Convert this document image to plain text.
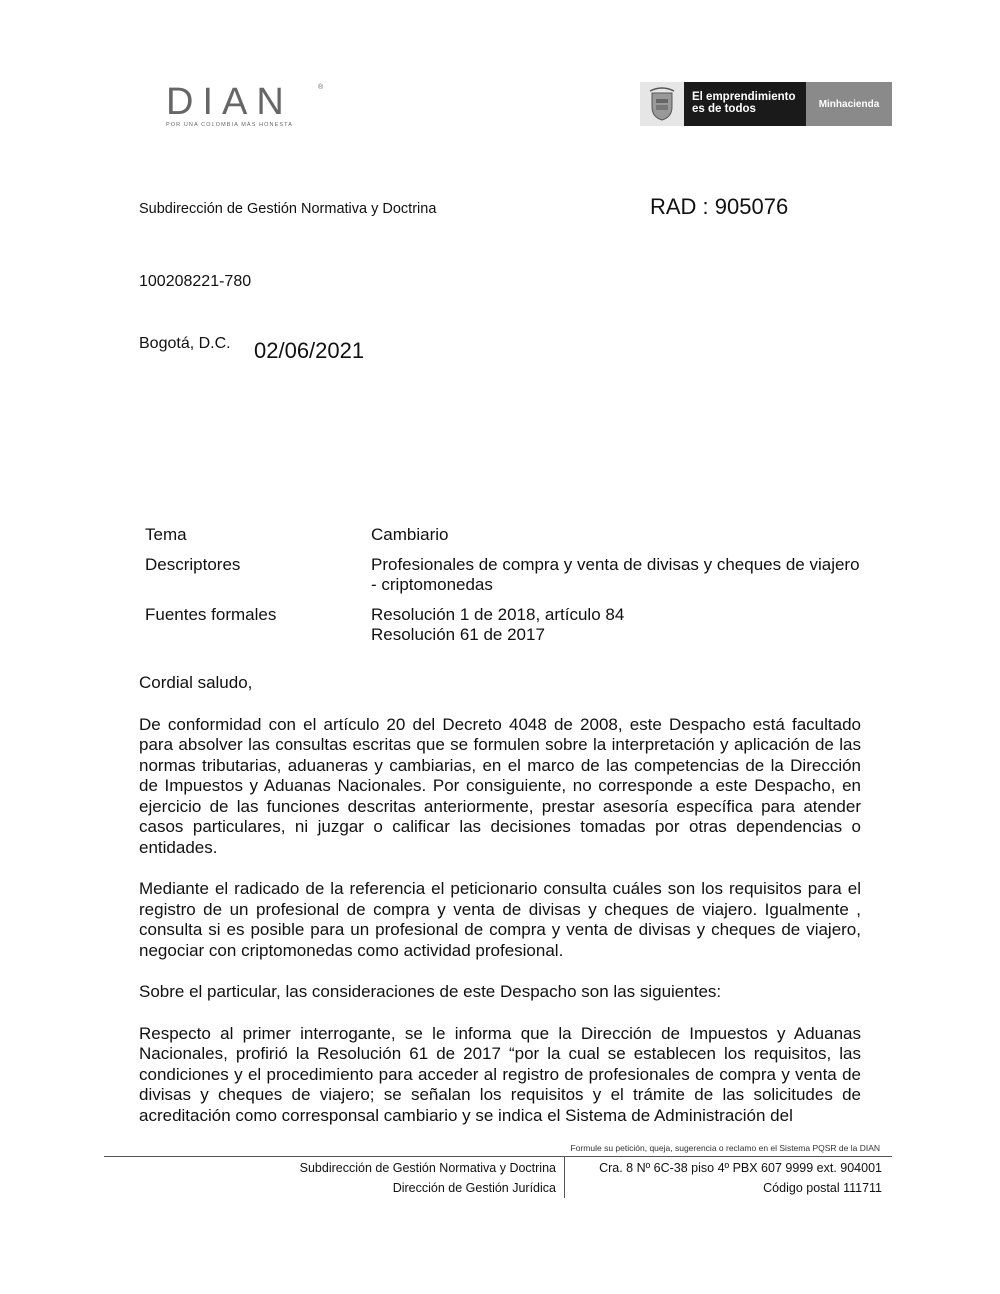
DIAN	®
POR UNA COLOMBIA MÁS HONESTA
El emprendimiento
es de todos	Minhacienda
Subdirección de Gestión Normativa y Doctrina	RAD : 905076
100208221-780
Bogotá, D.C. 02/06/2021
Tema	Cambiario
Descriptores	Profesionales de compra y venta de divisas y cheques de viajero - criptomonedas
Fuentes formales	Resolución 1 de 2018, artículo 84
Resolución 61 de 2017

Cordial saludo,

De conformidad con el artículo 20 del Decreto 4048 de 2008, este Despacho está facultado para absolver las consultas escritas que se formulen sobre la interpretación y aplicación de las normas tributarias, aduaneras y cambiarias, en el marco de las competencias de la Dirección de Impuestos y Aduanas Nacionales. Por consiguiente, no corresponde a este Despacho, en ejercicio de las funciones descritas anteriormente, prestar asesoría específica para atender casos particulares, ni juzgar o calificar las decisiones tomadas por otras dependencias o entidades.

Mediante el radicado de la referencia el peticionario consulta cuáles son los requisitos para el registro de un profesional de compra y venta de divisas y cheques de viajero. Igualmente , consulta si es posible para un profesional de compra y venta de divisas y cheques de viajero, negociar con criptomonedas como actividad profesional.

Sobre el particular, las consideraciones de este Despacho son las siguientes:

Respecto al primer interrogante, se le informa que la Dirección de Impuestos y Aduanas Nacionales, profirió la Resolución 61 de 2017 “por la cual se establecen los requisitos, las condiciones y el procedimiento para acceder al registro de profesionales de compra y venta de divisas y cheques de viajero; se señalan los requisitos y el trámite de las solicitudes de acreditación como corresponsal cambiario y se indica el Sistema de Administración del

Formule su petición, queja, sugerencia o reclamo en el Sistema PQSR de la DIAN
Subdirección de Gestión Normativa y Doctrina
Dirección de Gestión Jurídica
Cra. 8 Nº 6C-38 piso 4º PBX 607 9999 ext. 904001
Código postal 111711
